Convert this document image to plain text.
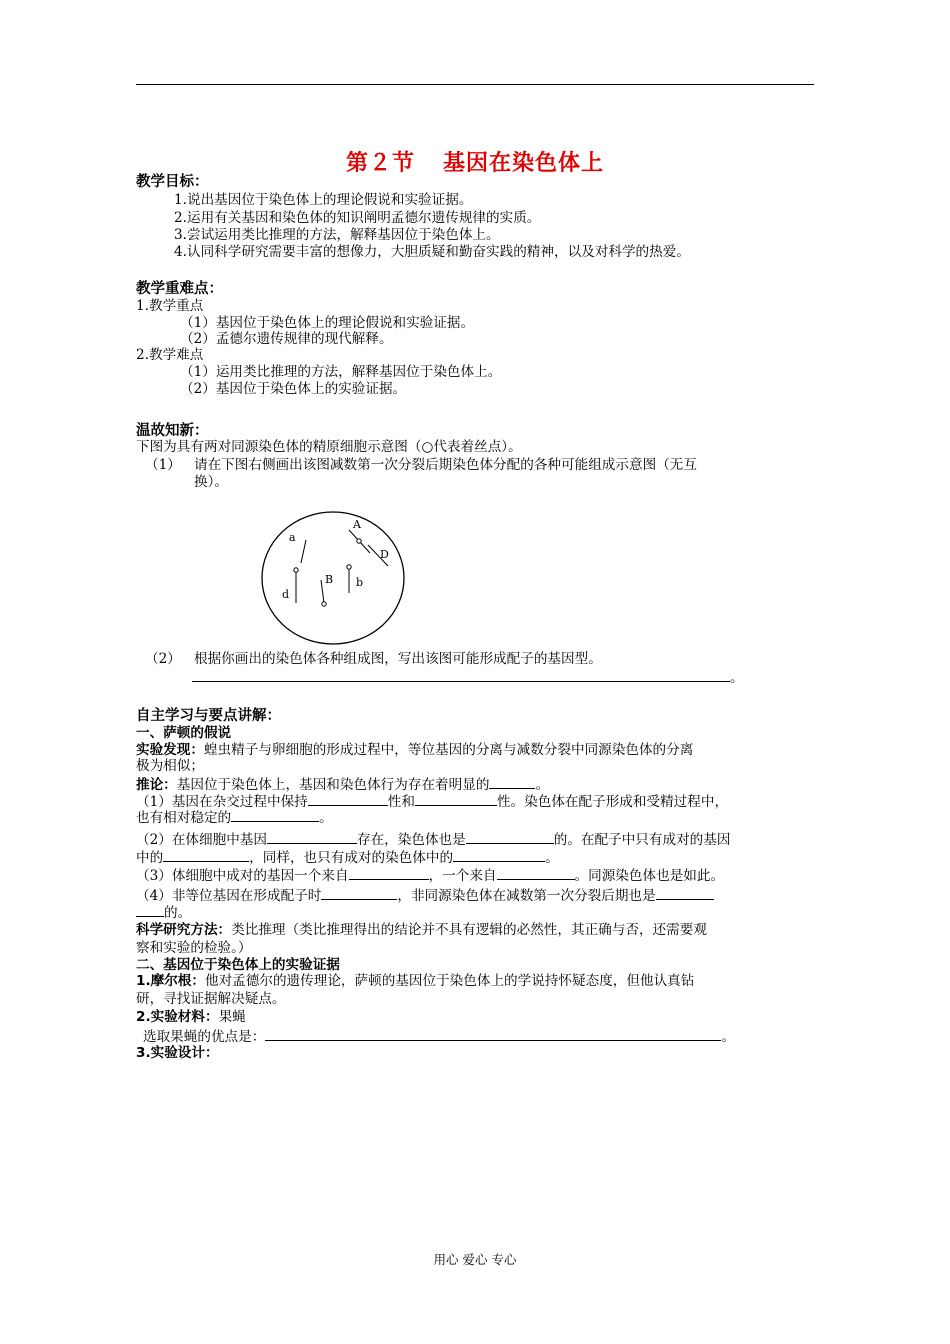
第２节 基因在染色体上
教学目标：
1.说出基因位于染色体上的理论假说和实验证据。
2.运用有关基因和染色体的知识阐明孟德尔遗传规律的实质。
3.尝试运用类比推理的方法，解释基因位于染色体上。
4.认同科学研究需要丰富的想像力，大胆质疑和勤奋实践的精神，以及对科学的热爱。
教学重难点：
1.教学重点
（1）基因位于染色体上的理论假说和实验证据。
（2）孟德尔遗传规律的现代解释。
2.教学难点
（1）运用类比推理的方法，解释基因位于染色体上。
（2）基因位于染色体上的实验证据。
温故知新：
下图为具有两对同源染色体的精原细胞示意图（○代表着丝点）。
（1） 请在下图右侧画出该图减数第一次分裂后期染色体分配的各种可能组成示意图（无互
换）。
a
d
A
D
B b
（2） 根据你画出的染色体各种组成图，写出该图可能形成配子的基因型。
。
自主学习与要点讲解：
一、萨顿的假说
实验发现：蝗虫精子与卵细胞的形成过程中，等位基因的分离与减数分裂中同源染色体的分离
极为相似；
推论：基因位于染色体上，基因和染色体行为存在着明显的	。
（1）基因在杂交过程中保持	性和	性。染色体在配子形成和受精过程中，
也有相对稳定的	。
（2）在体细胞中基因	存在，染色体也是	的。在配子中只有成对的基因
中的	，同样，也只有成对的染色体中的	。
（3）体细胞中成对的基因一个来自	，一个来自	。同源染色体也是如此。
（4）非等位基因在形成配子时	，非同源染色体在减数第一次分裂后期也是
的。
科学研究方法：类比推理（类比推理得出的结论并不具有逻辑的必然性，其正确与否，还需要观
察和实验的检验。）
二、基因位于染色体上的实验证据
1.摩尔根：他对孟德尔的遗传理论，萨顿的基因位于染色体上的学说持怀疑态度，但他认真钻
研，寻找证据解决疑点。
2.实验材料：果蝇
选取果蝇的优点是：	。
3.实验设计：
用心 爱心 专心
